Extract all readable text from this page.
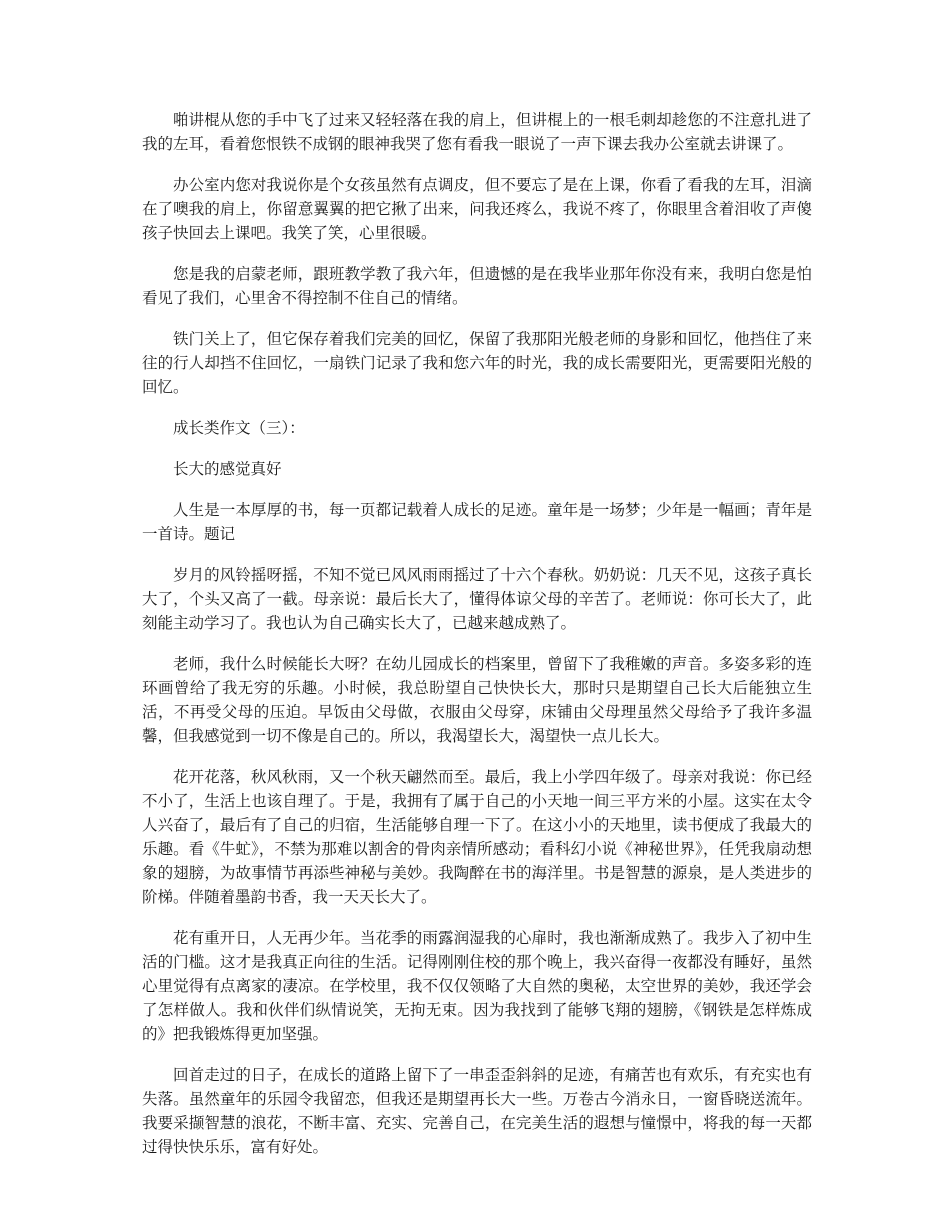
啪讲棍从您的手中飞了过来又轻轻落在我的肩上，但讲棍上的一根毛刺却趁您的不注意扎进了我的左耳，看着您恨铁不成钢的眼神我哭了您有看我一眼说了一声下课去我办公室就去讲课了。

办公室内您对我说你是个女孩虽然有点调皮，但不要忘了是在上课，你看了看我的左耳，泪滴在了噢我的肩上，你留意翼翼的把它揪了出来，问我还疼么，我说不疼了，你眼里含着泪收了声傻孩子快回去上课吧。我笑了笑，心里很暖。

您是我的启蒙老师，跟班教学教了我六年，但遗憾的是在我毕业那年你没有来，我明白您是怕看见了我们，心里舍不得控制不住自己的情绪。

铁门关上了，但它保存着我们完美的回忆，保留了我那阳光般老师的身影和回忆，他挡住了来往的行人却挡不住回忆，一扇铁门记录了我和您六年的时光，我的成长需要阳光，更需要阳光般的回忆。

成长类作文（三）：

长大的感觉真好

人生是一本厚厚的书，每一页都记载着人成长的足迹。童年是一场梦；少年是一幅画；青年是一首诗。题记

岁月的风铃摇呀摇，不知不觉已风风雨雨摇过了十六个春秋。奶奶说：几天不见，这孩子真长大了，个头又高了一截。母亲说：最后长大了，懂得体谅父母的辛苦了。老师说：你可长大了，此刻能主动学习了。我也认为自己确实长大了，已越来越成熟了。

老师，我什么时候能长大呀？在幼儿园成长的档案里，曾留下了我稚嫩的声音。多姿多彩的连环画曾给了我无穷的乐趣。小时候，我总盼望自己快快长大，那时只是期望自己长大后能独立生活，不再受父母的压迫。早饭由父母做，衣服由父母穿，床铺由父母理虽然父母给予了我许多温馨，但我感觉到一切不像是自己的。所以，我渴望长大，渴望快一点儿长大。

花开花落，秋风秋雨，又一个秋天翩然而至。最后，我上小学四年级了。母亲对我说：你已经不小了，生活上也该自理了。于是，我拥有了属于自己的小天地一间三平方米的小屋。这实在太令人兴奋了，最后有了自己的归宿，生活能够自理一下了。在这小小的天地里，读书便成了我最大的乐趣。看《牛虻》，不禁为那难以割舍的骨肉亲情所感动；看科幻小说《神秘世界》，任凭我扇动想象的翅膀，为故事情节再添些神秘与美妙。我陶醉在书的海洋里。书是智慧的源泉，是人类进步的阶梯。伴随着墨韵书香，我一天天长大了。

花有重开日，人无再少年。当花季的雨露润湿我的心扉时，我也渐渐成熟了。我步入了初中生活的门槛。这才是我真正向往的生活。记得刚刚住校的那个晚上，我兴奋得一夜都没有睡好，虽然心里觉得有点离家的凄凉。在学校里，我不仅仅领略了大自然的奥秘，太空世界的美妙，我还学会了怎样做人。我和伙伴们纵情说笑，无拘无束。因为我找到了能够飞翔的翅膀，《钢铁是怎样炼成的》把我锻炼得更加坚强。

回首走过的日子，在成长的道路上留下了一串歪歪斜斜的足迹，有痛苦也有欢乐，有充实也有失落。虽然童年的乐园令我留恋，但我还是期望再长大一些。万卷古今消永日，一窗昏晓送流年。我要采撷智慧的浪花，不断丰富、充实、完善自己，在完美生活的遐想与憧憬中，将我的每一天都过得快快乐乐，富有好处。
